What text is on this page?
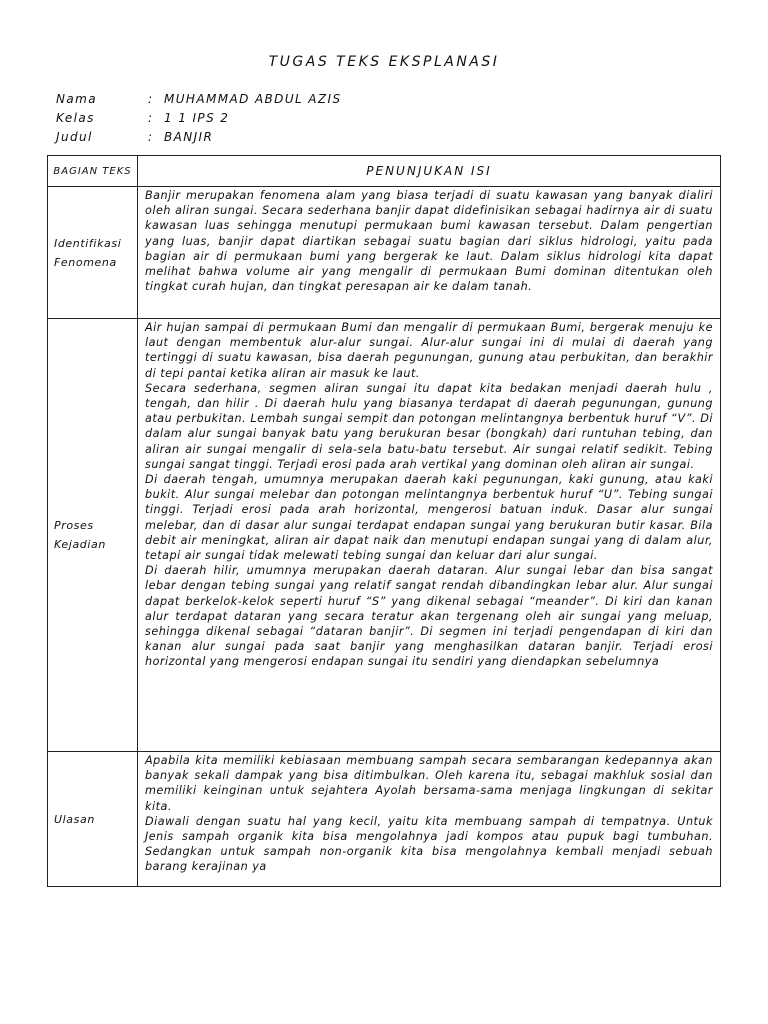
TUGAS TEKS EKSPLANASI
Nama	: MUHAMMAD ABDUL AZIS
Kelas	: 1 1 IPS 2
Judul	: BANJIR
BAGIAN TEKS	PENUNJUKAN ISI
Identifikasi Fenomena	Banjir merupakan fenomena alam yang biasa terjadi di suatu kawasan yang banyak dialiri oleh aliran sungai. Secara sederhana banjir dapat didefinisikan sebagai hadirnya air di suatu kawasan luas sehingga menutupi permukaan bumi kawasan tersebut. Dalam pengertian yang luas, banjir dapat diartikan sebagai suatu bagian dari siklus hidrologi, yaitu pada bagian air di permukaan bumi yang bergerak ke laut. Dalam siklus hidrologi kita dapat melihat bahwa volume air yang mengalir di permukaan Bumi dominan ditentukan oleh tingkat curah hujan, dan tingkat peresapan air ke dalam tanah.

Proses Kejadian	Air hujan sampai di permukaan Bumi dan mengalir di permukaan Bumi, bergerak menuju ke laut dengan membentuk alur-alur sungai. Alur-alur sungai ini di mulai di daerah yang tertinggi di suatu kawasan, bisa daerah pegunungan, gunung atau perbukitan, dan berakhir di tepi pantai ketika aliran air masuk ke laut.

Secara sederhana, segmen aliran sungai itu dapat kita bedakan menjadi daerah hulu , tengah, dan hilir . Di daerah hulu yang biasanya terdapat di daerah pegunungan, gunung atau perbukitan. Lembah sungai sempit dan potongan melintangnya berbentuk huruf “V”. Di dalam alur sungai banyak batu yang berukuran besar (bongkah) dari runtuhan tebing, dan aliran air sungai mengalir di sela-sela batu-batu tersebut. Air sungai relatif sedikit. Tebing sungai sangat tinggi. Terjadi erosi pada arah vertikal yang dominan oleh aliran air sungai.

Di daerah tengah, umumnya merupakan daerah kaki pegunungan, kaki gunung, atau kaki bukit. Alur sungai melebar dan potongan melintangnya berbentuk huruf “U”. Tebing sungai tinggi. Terjadi erosi pada arah horizontal, mengerosi batuan induk. Dasar alur sungai melebar, dan di dasar alur sungai terdapat endapan sungai yang berukuran butir kasar. Bila debit air meningkat, aliran air dapat naik dan menutupi endapan sungai yang di dalam alur, tetapi air sungai tidak melewati tebing sungai dan keluar dari alur sungai.

Di daerah hilir, umumnya merupakan daerah dataran. Alur sungai lebar dan bisa sangat lebar dengan tebing sungai yang relatif sangat rendah dibandingkan lebar alur. Alur sungai dapat berkelok-kelok seperti huruf “S” yang dikenal sebagai “meander”. Di kiri dan kanan alur terdapat dataran yang secara teratur akan tergenang oleh air sungai yang meluap, sehingga dikenal sebagai “dataran banjir”. Di segmen ini terjadi pengendapan di kiri dan kanan alur sungai pada saat banjir yang menghasilkan dataran banjir. Terjadi erosi horizontal yang mengerosi endapan sungai itu sendiri yang diendapkan sebelumnya

Ulasan	Apabila kita memiliki kebiasaan membuang sampah secara sembarangan kedepannya akan banyak sekali dampak yang bisa ditimbulkan. Oleh karena itu, sebagai makhluk sosial dan memiliki keinginan untuk sejahtera Ayolah bersama-sama menjaga lingkungan di sekitar kita.

Diawali dengan suatu hal yang kecil, yaitu kita membuang sampah di tempatnya. Untuk Jenis sampah organik kita bisa mengolahnya jadi kompos atau pupuk bagi tumbuhan. Sedangkan untuk sampah non-organik kita bisa mengolahnya kembali menjadi sebuah barang kerajinan ya
